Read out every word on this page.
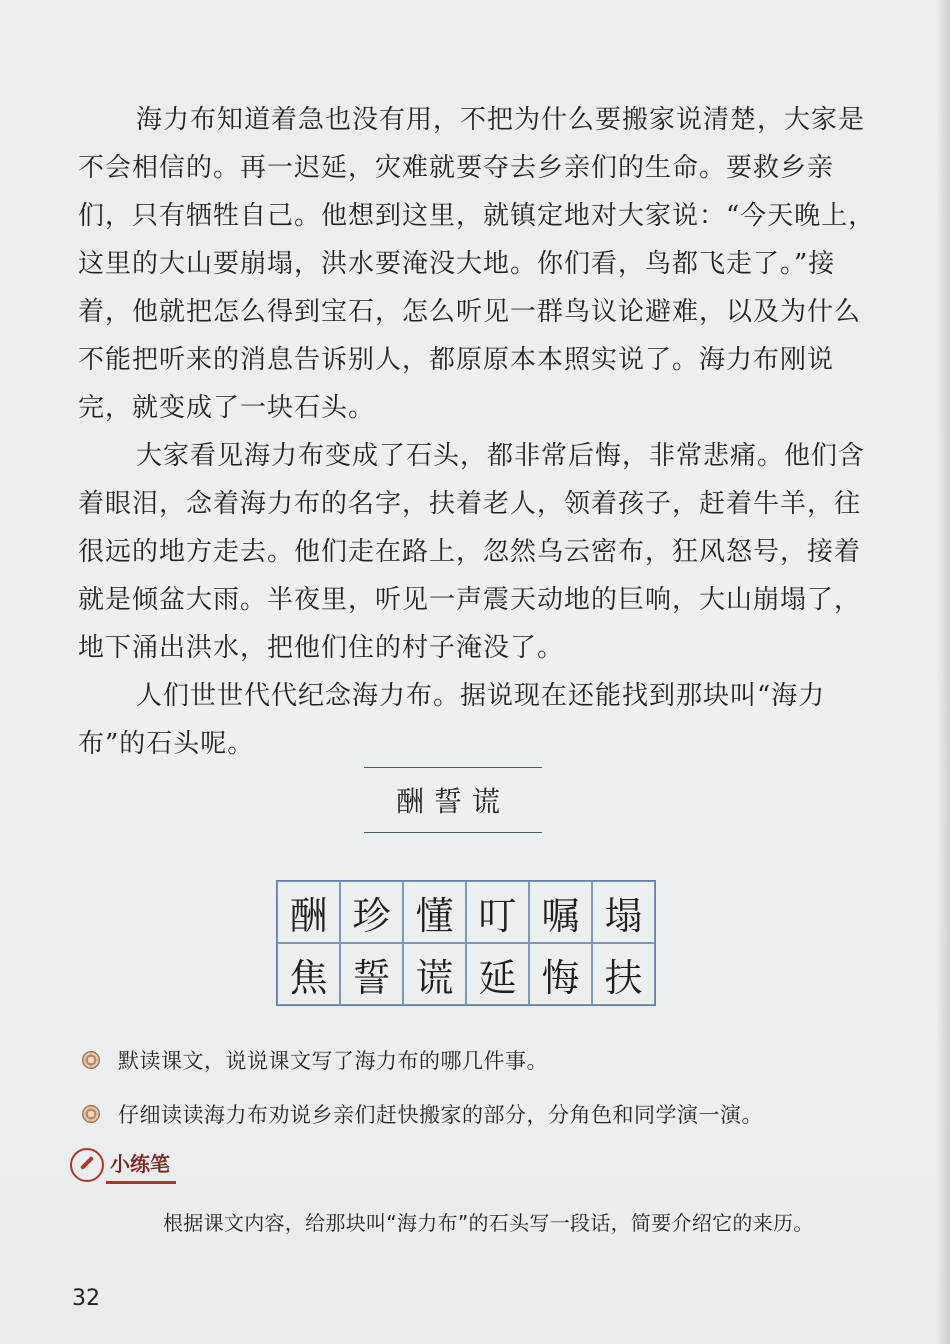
海力布知道着急也没有用，不把为什么要搬家说清楚，大家是不会相信的。再一迟延，灾难就要夺去乡亲们的生命。要救乡亲们，只有牺牲自己。他想到这里，就镇定地对大家说：“今天晚上，这里的大山要崩塌，洪水要淹没大地。你们看，鸟都飞走了。”接着，他就把怎么得到宝石，怎么听见一群鸟议论避难，以及为什么不能把听来的消息告诉别人，都原原本本照实说了。海力布刚说完，就变成了一块石头。

大家看见海力布变成了石头，都非常后悔，非常悲痛。他们含着眼泪，念着海力布的名字，扶着老人，领着孩子，赶着牛羊，往很远的地方走去。他们走在路上，忽然乌云密布，狂风怒号，接着就是倾盆大雨。半夜里，听见一声震天动地的巨响，大山崩塌了，地下涌出洪水，把他们住的村子淹没了。

人们世世代代纪念海力布。据说现在还能找到那块叫“海力布”的石头呢。

酬誓谎
酬 珍 懂 叮 嘱 塌
焦 誓 谎 延 悔 扶
默读课文，说说课文写了海力布的哪几件事。
仔细读读海力布劝说乡亲们赶快搬家的部分，分角色和同学演一演。
小练笔
根据课文内容，给那块叫“海力布”的石头写一段话，简要介绍它的来历。
32
